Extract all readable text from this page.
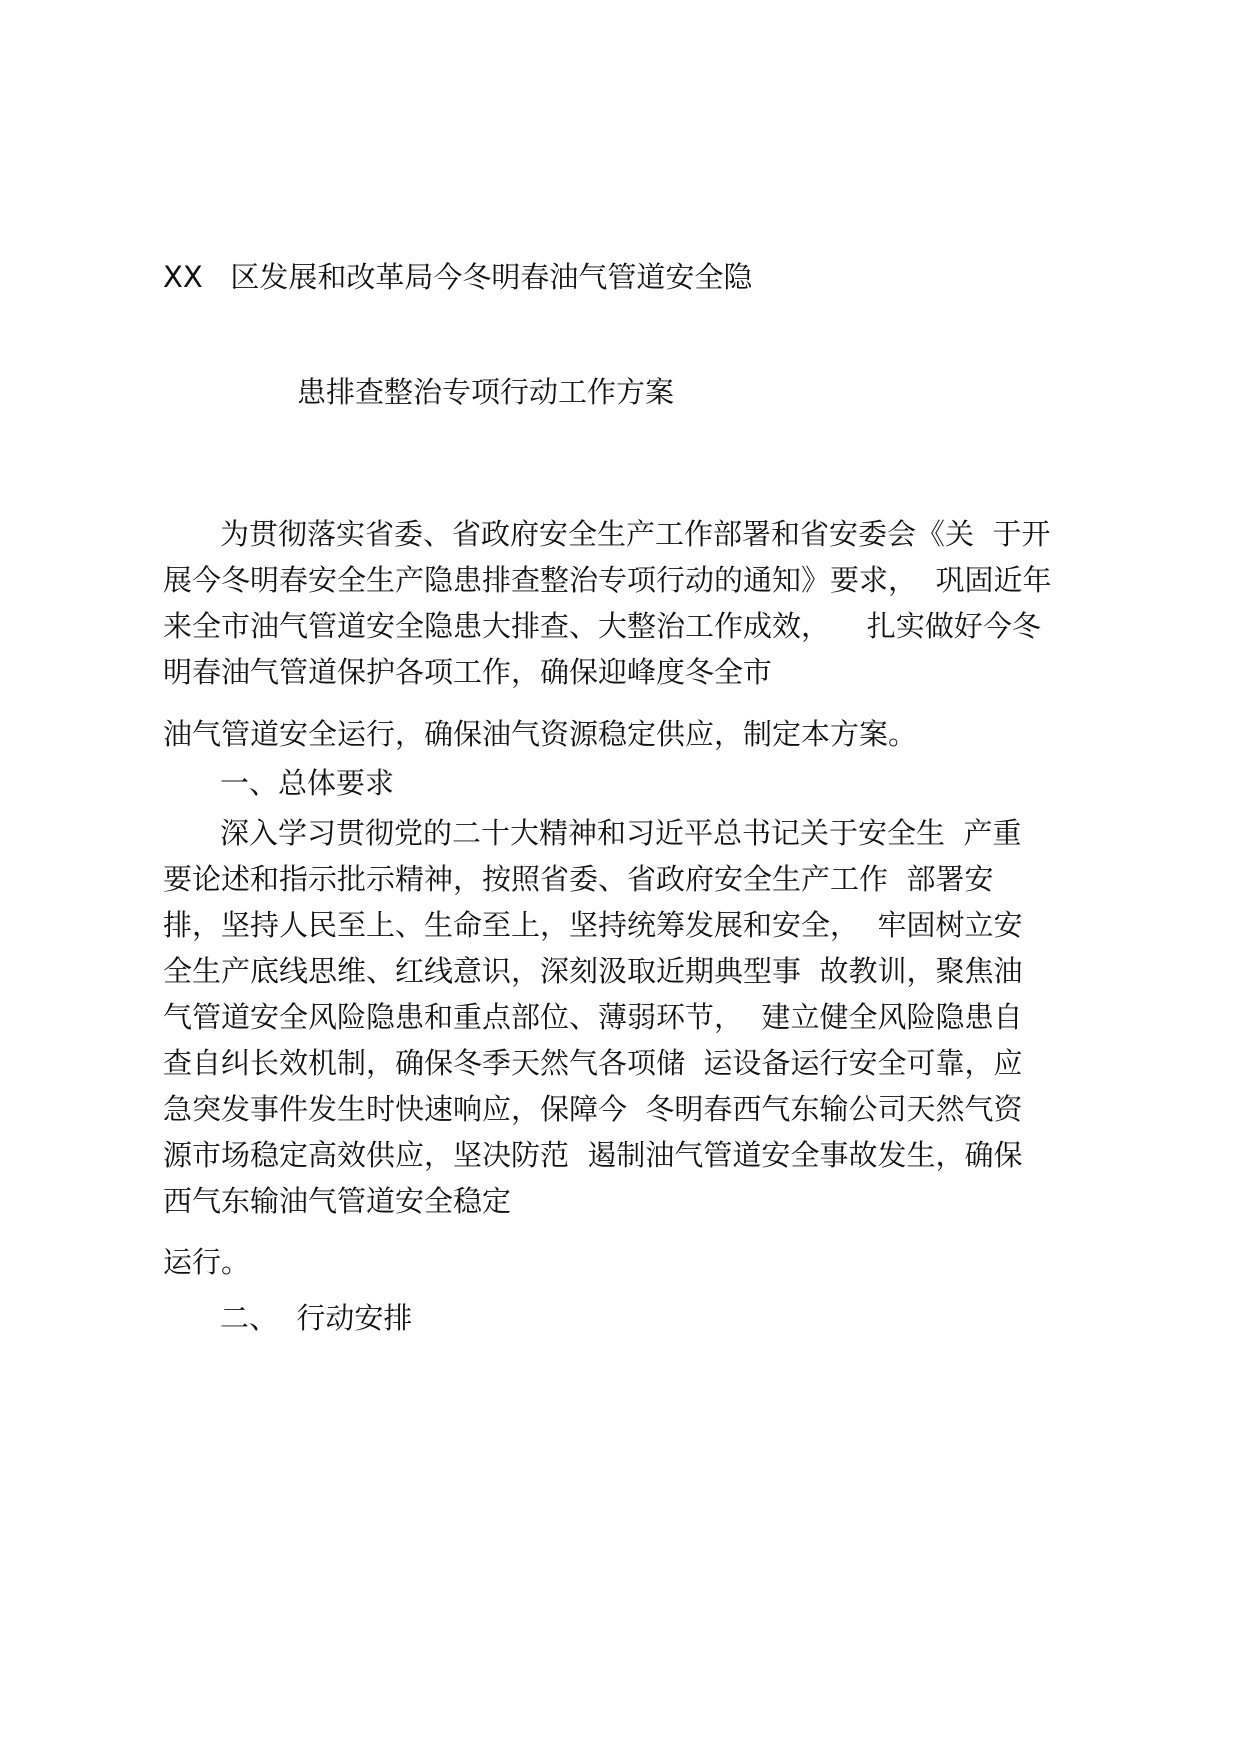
XX   区发展和改革局今冬明春油气管道安全隐
患排查整治专项行动工作方案
为贯彻落实省委、省政府安全生产工作部署和省安委会《关  于开
展今冬明春安全生产隐患排查整治专项行动的通知》要求，  巩固近年
来全市油气管道安全隐患大排查、大整治工作成效，    扎实做好今冬
明春油气管道保护各项工作，确保迎峰度冬全市
油气管道安全运行，确保油气资源稳定供应，制定本方案。
一、总体要求
深入学习贯彻党的二十大精神和习近平总书记关于安全生  产重
要论述和指示批示精神，按照省委、省政府安全生产工作  部署安
排，坚持人民至上、生命至上，坚持统筹发展和安全，  牢固树立安
全生产底线思维、红线意识，深刻汲取近期典型事  故教训，聚焦油
气管道安全风险隐患和重点部位、薄弱环节，  建立健全风险隐患自
查自纠长效机制，确保冬季天然气各项储  运设备运行安全可靠，应
急突发事件发生时快速响应，保障今  冬明春西气东输公司天然气资
源市场稳定高效供应，坚决防范  遏制油气管道安全事故发生，确保
西气东输油气管道安全稳定
运行。
二、  行动安排
